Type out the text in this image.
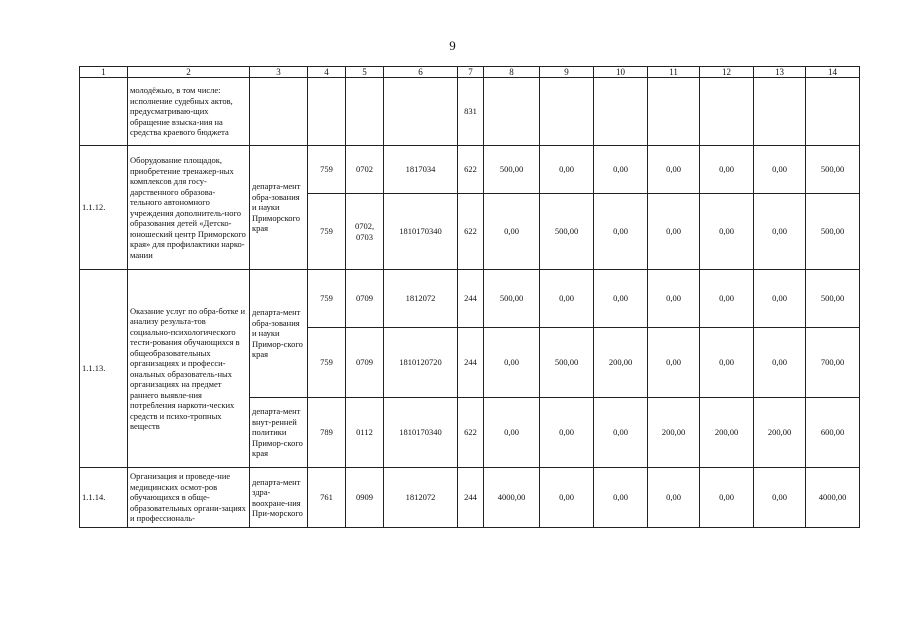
9
1	2	3	4	5	6	7	8	9	10	11	12	13	14
	молодёжью, в том числе: исполнение судебных актов, предусматриваю-щих обращение взыска-ния на средства краевого бюджета					831							
1.1.12.	Оборудование площадок, приобретение тренажер-ных комплексов для госу-дарственного образова-тельного автономного учреждения дополнитель-ного образования детей «Детско-юношеский центр Приморского края» для профилактики нарко-мании	департа-мент обра-зования и науки Приморского края	759	0702	1817034	622	500,00	0,00	0,00	0,00	0,00	0,00	500,00
			759	0702, 0703	1810170340	622	0,00	500,00	0,00	0,00	0,00	0,00	500,00
1.1.13.	Оказание услуг по обра-ботке и анализу результа-тов социально-психологического тести-рования обучающихся в общеобразовательных организациях и професси-ональных образователь-ных организациях на предмет раннего выявле-ния потребления наркоти-ческих средств и психо-тропных веществ	департа-мент обра-зования и науки Примор-ского края	759	0709	1812072	244	500,00	0,00	0,00	0,00	0,00	0,00	500,00
			759	0709	1810120720	244	0,00	500,00	200,00	0,00	0,00	0,00	700,00
		департа-мент внут-ренней политики Примор-ского края	789	0112	1810170340	622	0,00	0,00	0,00	200,00	200,00	200,00	600,00
1.1.14.	Организация и проведе-ние медицинских осмот-ров обучающихся в обще-образовательных органи-зациях и профессиональ-	департа-мент здра-воохране-ния При-морского	761	0909	1812072	244	4000,00	0,00	0,00	0,00	0,00	0,00	4000,00
